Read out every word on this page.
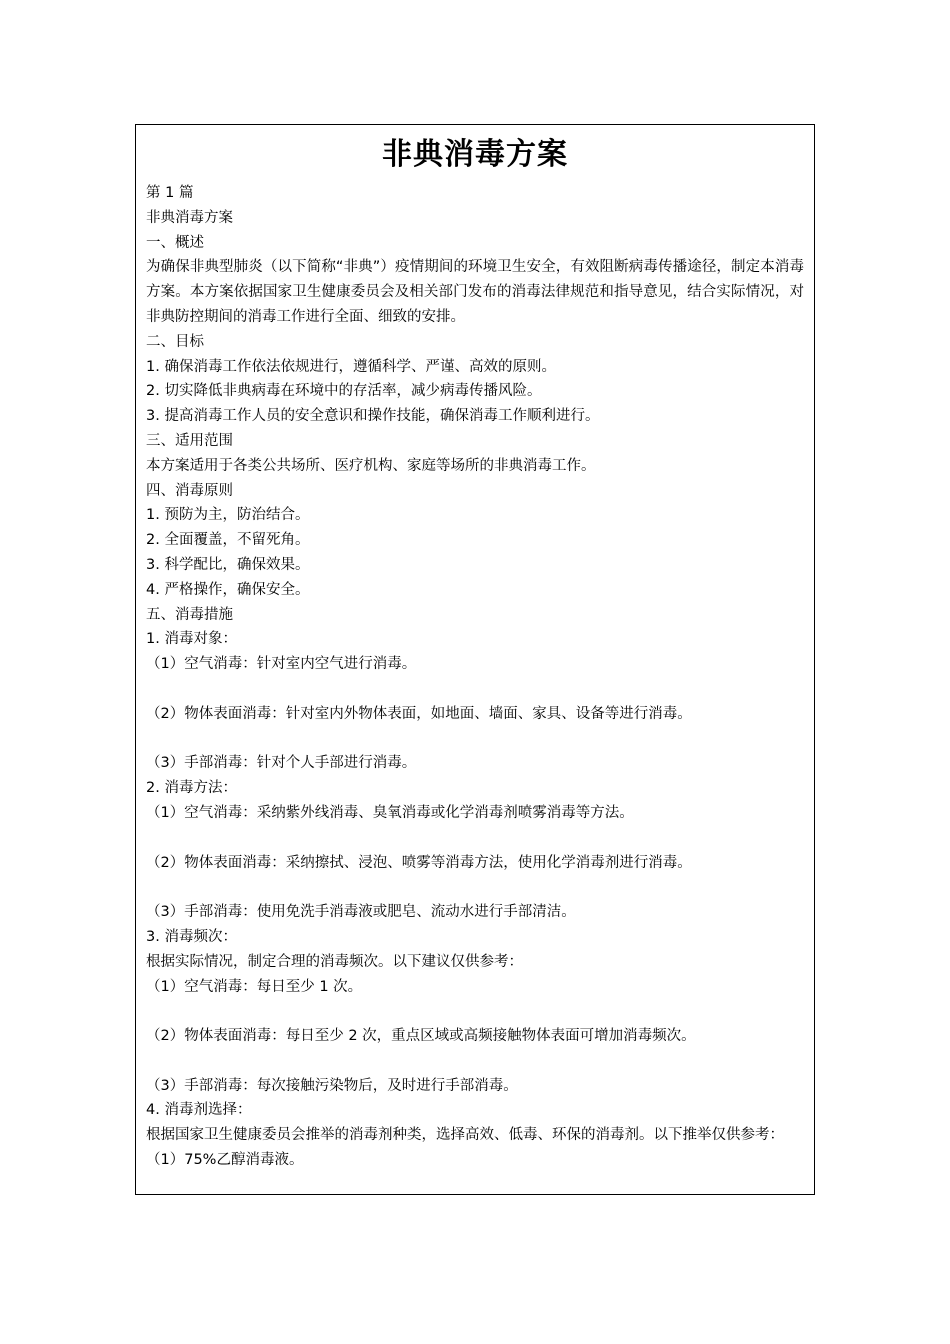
非典消毒方案
第 1 篇
非典消毒方案
一、概述
为确保非典型肺炎（以下简称“非典”）疫情期间的环境卫生安全，有效阻断病毒传播途径，制定本消毒方案。本方案依据国家卫生健康委员会及相关部门发布的消毒法律规范和指导意见，结合实际情况，对非典防控期间的消毒工作进行全面、细致的安排。
二、目标
1. 确保消毒工作依法依规进行，遵循科学、严谨、高效的原则。
2. 切实降低非典病毒在环境中的存活率，减少病毒传播风险。
3. 提高消毒工作人员的安全意识和操作技能，确保消毒工作顺利进行。
三、适用范围
本方案适用于各类公共场所、医疗机构、家庭等场所的非典消毒工作。
四、消毒原则
1. 预防为主，防治结合。
2. 全面覆盖，不留死角。
3. 科学配比，确保效果。
4. 严格操作，确保安全。
五、消毒措施
1. 消毒对象：
（1）空气消毒：针对室内空气进行消毒。
（2）物体表面消毒：针对室内外物体表面，如地面、墙面、家具、设备等进行消毒。
（3）手部消毒：针对个人手部进行消毒。
2. 消毒方法：
（1）空气消毒：采纳紫外线消毒、臭氧消毒或化学消毒剂喷雾消毒等方法。
（2）物体表面消毒：采纳擦拭、浸泡、喷雾等消毒方法，使用化学消毒剂进行消毒。
（3）手部消毒：使用免洗手消毒液或肥皂、流动水进行手部清洁。
3. 消毒频次：
根据实际情况，制定合理的消毒频次。以下建议仅供参考：
（1）空气消毒：每日至少 1 次。
（2）物体表面消毒：每日至少 2 次，重点区域或高频接触物体表面可增加消毒频次。
（3）手部消毒：每次接触污染物后，及时进行手部消毒。
4. 消毒剂选择：
根据国家卫生健康委员会推举的消毒剂种类，选择高效、低毒、环保的消毒剂。以下推举仅供参考：
（1）75%乙醇消毒液。
